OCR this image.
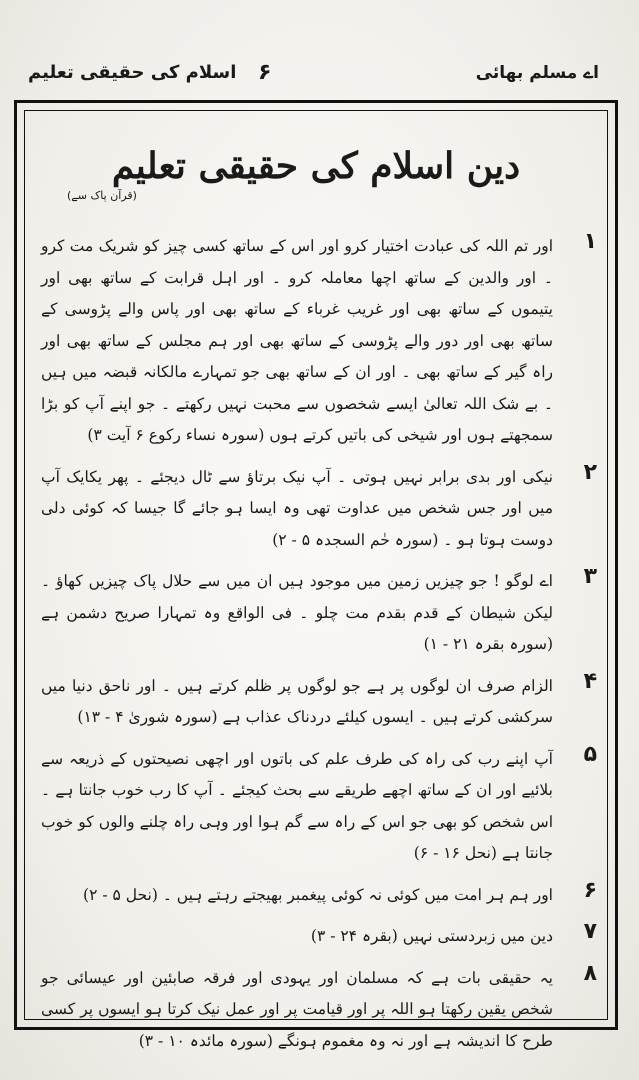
اے مسلم بھائی
۶
اسلام کی حقیقی تعلیم
دین اسلام کی حقیقی تعلیم
(قرآن پاک سے)
۱
اور تم اللہ کی عبادت اختیار کرو اور اس کے ساتھ کسی چیز کو شریک مت کرو ۔ اور والدین کے ساتھ اچھا معاملہ کرو ۔ اور اہل قرابت کے ساتھ بھی اور یتیموں کے ساتھ بھی اور غریب غرباء کے ساتھ بھی اور پاس والے پڑوسی کے ساتھ بھی اور دور والے پڑوسی کے ساتھ بھی اور ہم مجلس کے ساتھ بھی اور راہ گیر کے ساتھ بھی ۔ اور ان کے ساتھ بھی جو تمہارے مالکانہ قبضہ میں ہیں ۔ بے شک اللہ تعالیٰ ایسے شخصوں سے محبت نہیں رکھتے ۔ جو اپنے آپ کو بڑا سمجھتے ہوں اور شیخی کی باتیں کرتے ہوں (سورہ نساء رکوع ۶ آیت ۳)
۲
نیکی اور بدی برابر نہیں ہوتی ۔ آپ نیک برتاؤ سے ٹال دیجئے ۔ پھر یکایک آپ میں اور جس شخص میں عداوت تھی وہ ایسا ہو جائے گا جیسا کہ کوئی دلی دوست ہوتا ہو ۔ (سورہ حٰم السجدہ ۵ - ۲)
۳
اے لوگو ! جو چیزیں زمین میں موجود ہیں ان میں سے حلال پاک چیزیں کھاؤ ۔ لیکن شیطان کے قدم بقدم مت چلو ۔ فی الواقع وہ تمہارا صریح دشمن ہے (سورہ بقرہ ۲۱ - ۱)
۴
الزام صرف ان لوگوں پر ہے جو لوگوں پر ظلم کرتے ہیں ۔ اور ناحق دنیا میں سرکشی کرتے ہیں ۔ ایسوں کیلئے دردناک عذاب ہے (سورہ شوریٰ ۴ - ۱۳)
۵
آپ اپنے رب کی راہ کی طرف علم کی باتوں اور اچھی نصیحتوں کے ذریعہ سے بلائیے اور ان کے ساتھ اچھے طریقے سے بحث کیجئے ۔ آپ کا رب خوب جانتا ہے ۔ اس شخص کو بھی جو اس کے راہ سے گم ہوا اور وہی راہ چلنے والوں کو خوب جانتا ہے (نحل ۱۶ - ۶)
۶
اور ہم ہر امت میں کوئی نہ کوئی پیغمبر بھیجتے رہتے ہیں ۔ (نحل ۵ - ۲)
۷
دین میں زبردستی نہیں (بقرہ ۲۴ - ۳)
۸
یہ حقیقی بات ہے کہ مسلمان اور یہودی اور فرقہ صابئین اور عیسائی جو شخص یقین رکھتا ہو اللہ پر اور قیامت پر اور عمل نیک کرتا ہو ایسوں پر کسی طرح کا اندیشہ ہے اور نہ وہ مغموم ہونگے (سورہ مائدہ ۱۰ - ۳)
